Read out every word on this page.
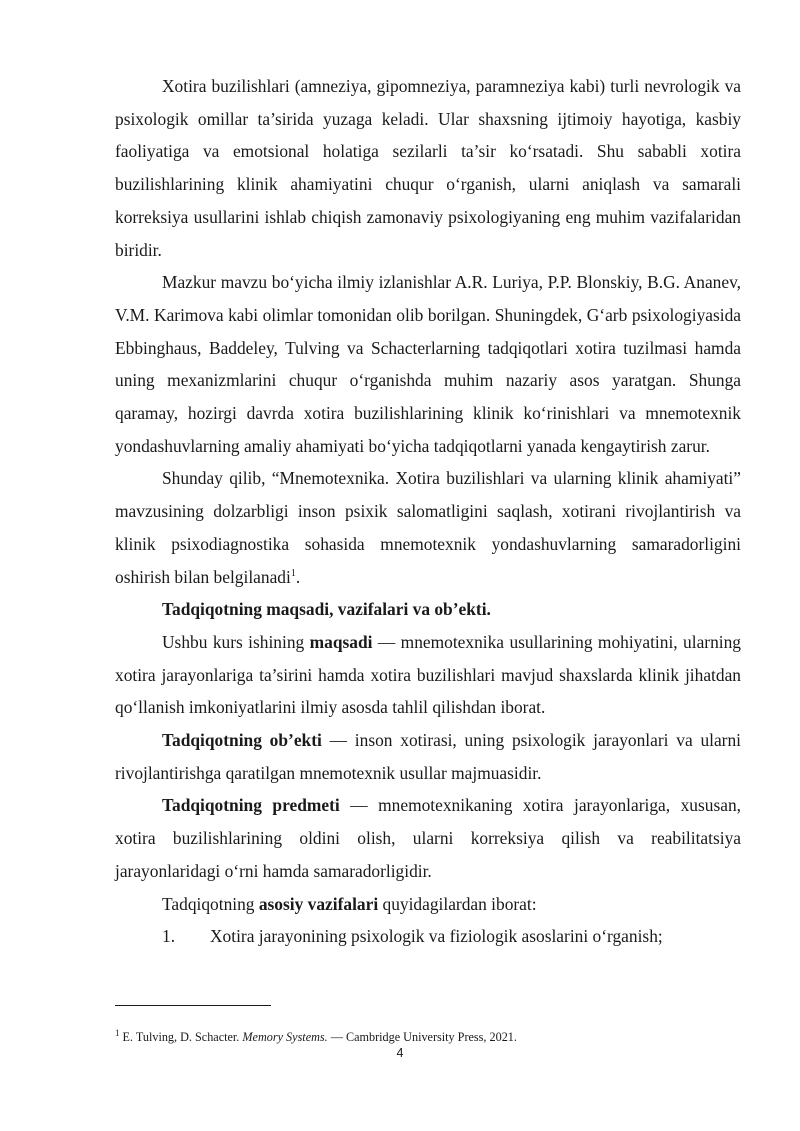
Xotira buzilishlari (amneziya, gipomneziya, paramneziya kabi) turli nevrologik va psixologik omillar ta’sirida yuzaga keladi. Ular shaxsning ijtimoiy hayotiga, kasbiy faoliyatiga va emotsional holatiga sezilarli ta’sir ko‘rsatadi. Shu sababli xotira buzilishlarining klinik ahamiyatini chuqur o‘rganish, ularni aniqlash va samarali korreksiya usullarini ishlab chiqish zamonaviy psixologiyaning eng muhim vazifalaridan biridir.

Mazkur mavzu bo‘yicha ilmiy izlanishlar A.R. Luriya, P.P. Blonskiy, B.G. Ananev, V.M. Karimova kabi olimlar tomonidan olib borilgan. Shuningdek, G‘arb psixologiyasida Ebbinghaus, Baddeley, Tulving va Schacterlarning tadqiqotlari xotira tuzilmasi hamda uning mexanizmlarini chuqur o‘rganishda muhim nazariy asos yaratgan. Shunga qaramay, hozirgi davrda xotira buzilishlarining klinik ko‘rinishlari va mnemotexnik yondashuvlarning amaliy ahamiyati bo‘yicha tadqiqotlarni yanada kengaytirish zarur.

Shunday qilib, “Mnemotexnika. Xotira buzilishlari va ularning klinik ahamiyati” mavzusining dolzarbligi inson psixik salomatligini saqlash, xotirani rivojlantirish va klinik psixodiagnostika sohasida mnemotexnik yondashuvlarning samaradorligini oshirish bilan belgilanadi$^1$.

Tadqiqotning maqsadi, vazifalari va ob’ekti.

Ushbu kurs ishining maqsadi — mnemotexnika usullarining mohiyatini, ularning xotira jarayonlariga ta’sirini hamda xotira buzilishlari mavjud shaxslarda klinik jihatdan qo‘llanish imkoniyatlarini ilmiy asosda tahlil qilishdan iborat.

Tadqiqotning ob’ekti — inson xotirasi, uning psixologik jarayonlari va ularni rivojlantirishga qaratilgan mnemotexnik usullar majmuasidir.

Tadqiqotning predmeti — mnemotexnikaning xotira jarayonlariga, xususan, xotira buzilishlarining oldini olish, ularni korreksiya qilish va reabilitatsiya jarayonlaridagi o‘rni hamda samaradorligidir.

Tadqiqotning asosiy vazifalari quyidagilardan iborat:

1.	Xotira jarayonining psixologik va fiziologik asoslarini o‘rganish;

$^1$ E. Tulving, D. Schacter. Memory Systems. — Cambridge University Press, 2021.
4
